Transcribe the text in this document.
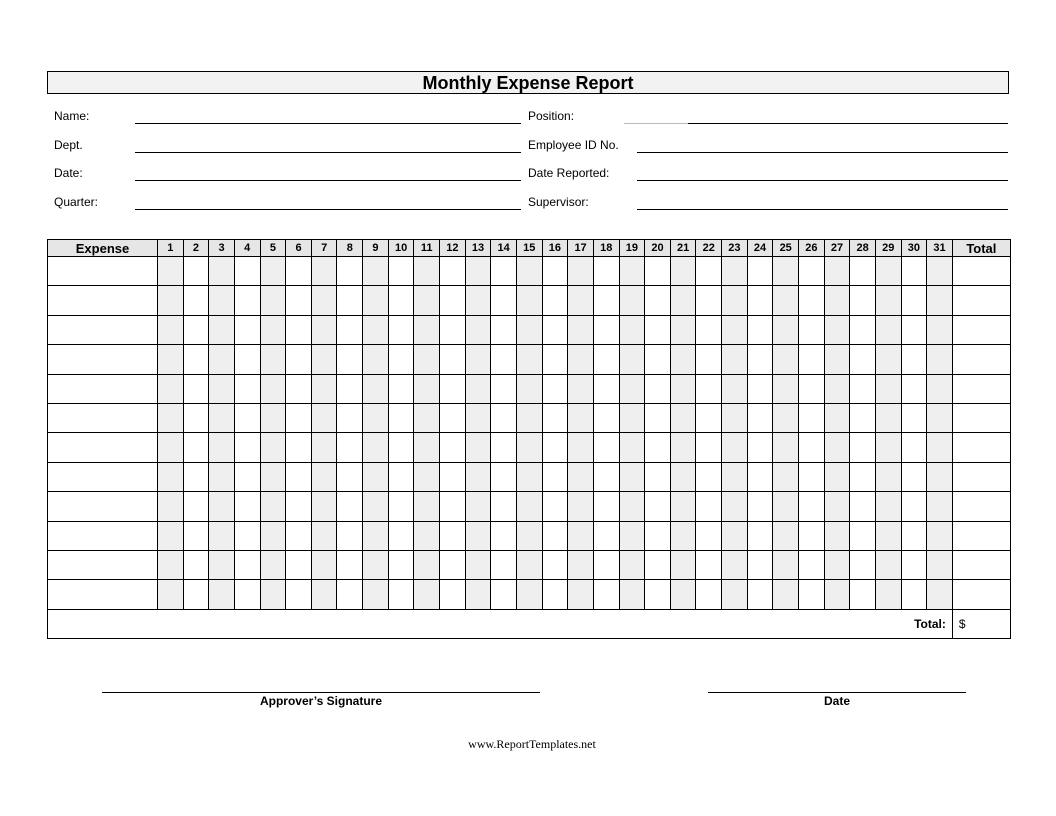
Monthly Expense Report
Name:
Dept.
Date:
Quarter:
Position:
Employee ID No.
Date Reported:
Supervisor:
Expense	1	2	3	4	5	6	7	8	9	10	11	12	13	14	15	16	17	18	19	20	21	22	23	24	25	26	27	28	29	30	31	Total

Total:																																$
Approver’s Signature	Date
www.ReportTemplates.net
